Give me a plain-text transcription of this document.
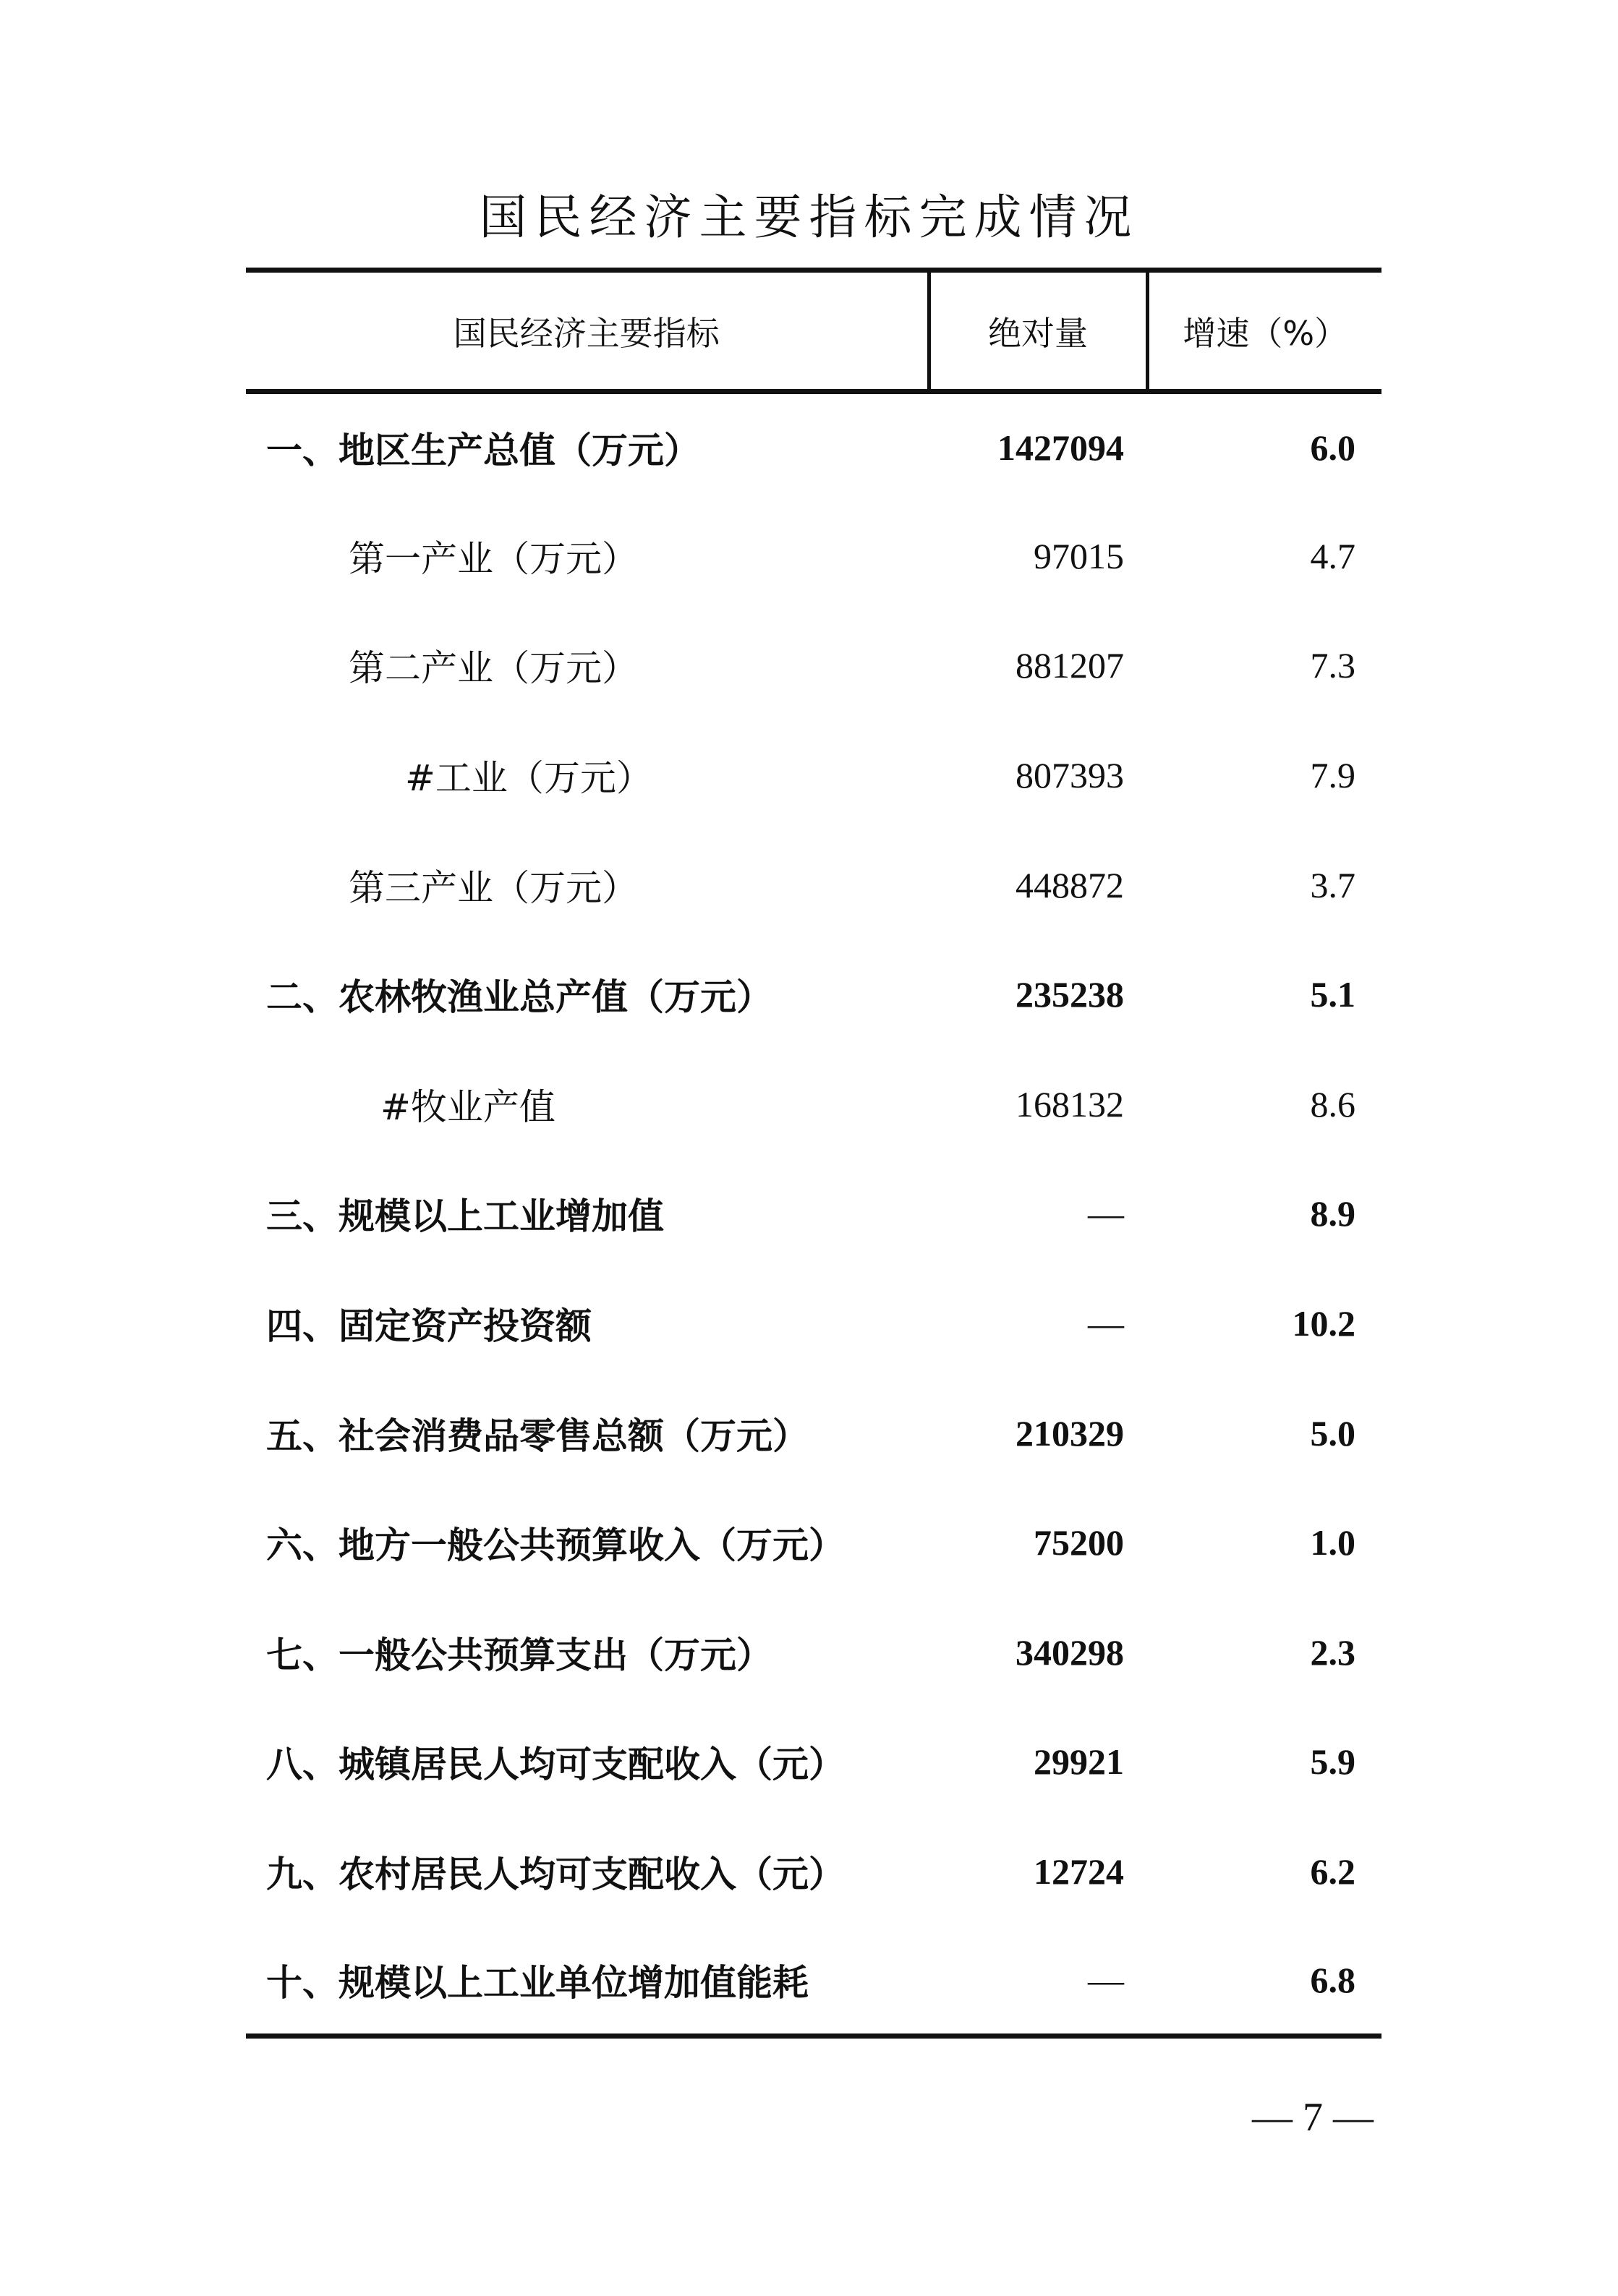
国民经济主要指标完成情况
国民经济主要指标	绝对量	增速（%）
一、地区生产总值（万元）	1427094	6.0
第一产业（万元）	97015	4.7
第二产业（万元）	881207	7.3
#工业（万元）	807393	7.9
第三产业（万元）	448872	3.7
二、农林牧渔业总产值（万元）	235238	5.1
#牧业产值	168132	8.6
三、规模以上工业增加值	—	8.9
四、固定资产投资额	—	10.2
五、社会消费品零售总额（万元）	210329	5.0
六、地方一般公共预算收入（万元）	75200	1.0
七、一般公共预算支出（万元）	340298	2.3
八、城镇居民人均可支配收入（元）	29921	5.9
九、农村居民人均可支配收入（元）	12724	6.2
十、规模以上工业单位增加值能耗	—	6.8
— 7 —
